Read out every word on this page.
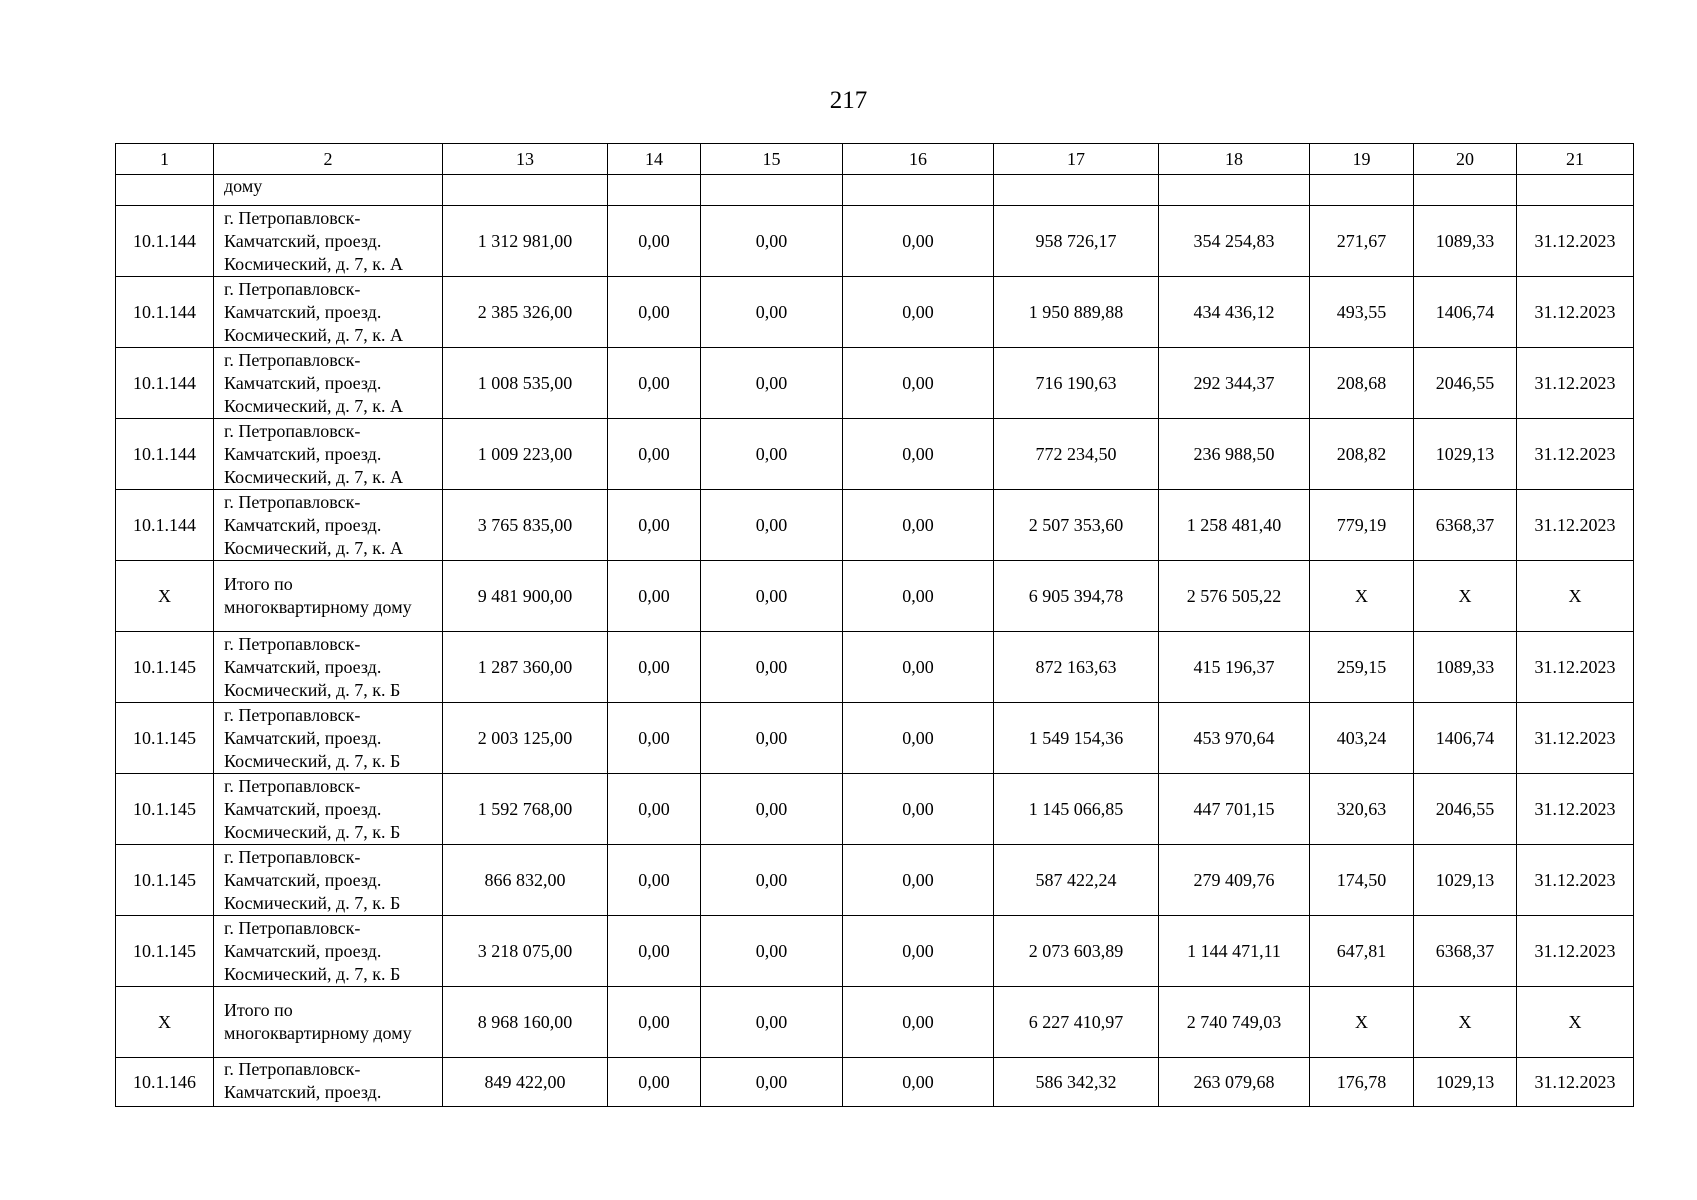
217
1	2	13	14	15	16	17	18	19	20	21
	дому									
10.1.144	г. Петропавловск-Камчатский, проезд. Космический, д. 7, к. А	1 312 981,00	0,00	0,00	0,00	958 726,17	354 254,83	271,67	1089,33	31.12.2023
10.1.144	г. Петропавловск-Камчатский, проезд. Космический, д. 7, к. А	2 385 326,00	0,00	0,00	0,00	1 950 889,88	434 436,12	493,55	1406,74	31.12.2023
10.1.144	г. Петропавловск-Камчатский, проезд. Космический, д. 7, к. А	1 008 535,00	0,00	0,00	0,00	716 190,63	292 344,37	208,68	2046,55	31.12.2023
10.1.144	г. Петропавловск-Камчатский, проезд. Космический, д. 7, к. А	1 009 223,00	0,00	0,00	0,00	772 234,50	236 988,50	208,82	1029,13	31.12.2023
10.1.144	г. Петропавловск-Камчатский, проезд. Космический, д. 7, к. А	3 765 835,00	0,00	0,00	0,00	2 507 353,60	1 258 481,40	779,19	6368,37	31.12.2023
X	Итого по многоквартирному дому	9 481 900,00	0,00	0,00	0,00	6 905 394,78	2 576 505,22	X	X	X
10.1.145	г. Петропавловск-Камчатский, проезд. Космический, д. 7, к. Б	1 287 360,00	0,00	0,00	0,00	872 163,63	415 196,37	259,15	1089,33	31.12.2023
10.1.145	г. Петропавловск-Камчатский, проезд. Космический, д. 7, к. Б	2 003 125,00	0,00	0,00	0,00	1 549 154,36	453 970,64	403,24	1406,74	31.12.2023
10.1.145	г. Петропавловск-Камчатский, проезд. Космический, д. 7, к. Б	1 592 768,00	0,00	0,00	0,00	1 145 066,85	447 701,15	320,63	2046,55	31.12.2023
10.1.145	г. Петропавловск-Камчатский, проезд. Космический, д. 7, к. Б	866 832,00	0,00	0,00	0,00	587 422,24	279 409,76	174,50	1029,13	31.12.2023
10.1.145	г. Петропавловск-Камчатский, проезд. Космический, д. 7, к. Б	3 218 075,00	0,00	0,00	0,00	2 073 603,89	1 144 471,11	647,81	6368,37	31.12.2023
X	Итого по многоквартирному дому	8 968 160,00	0,00	0,00	0,00	6 227 410,97	2 740 749,03	X	X	X
10.1.146	г. Петропавловск-Камчатский, проезд.	849 422,00	0,00	0,00	0,00	586 342,32	263 079,68	176,78	1029,13	31.12.2023
